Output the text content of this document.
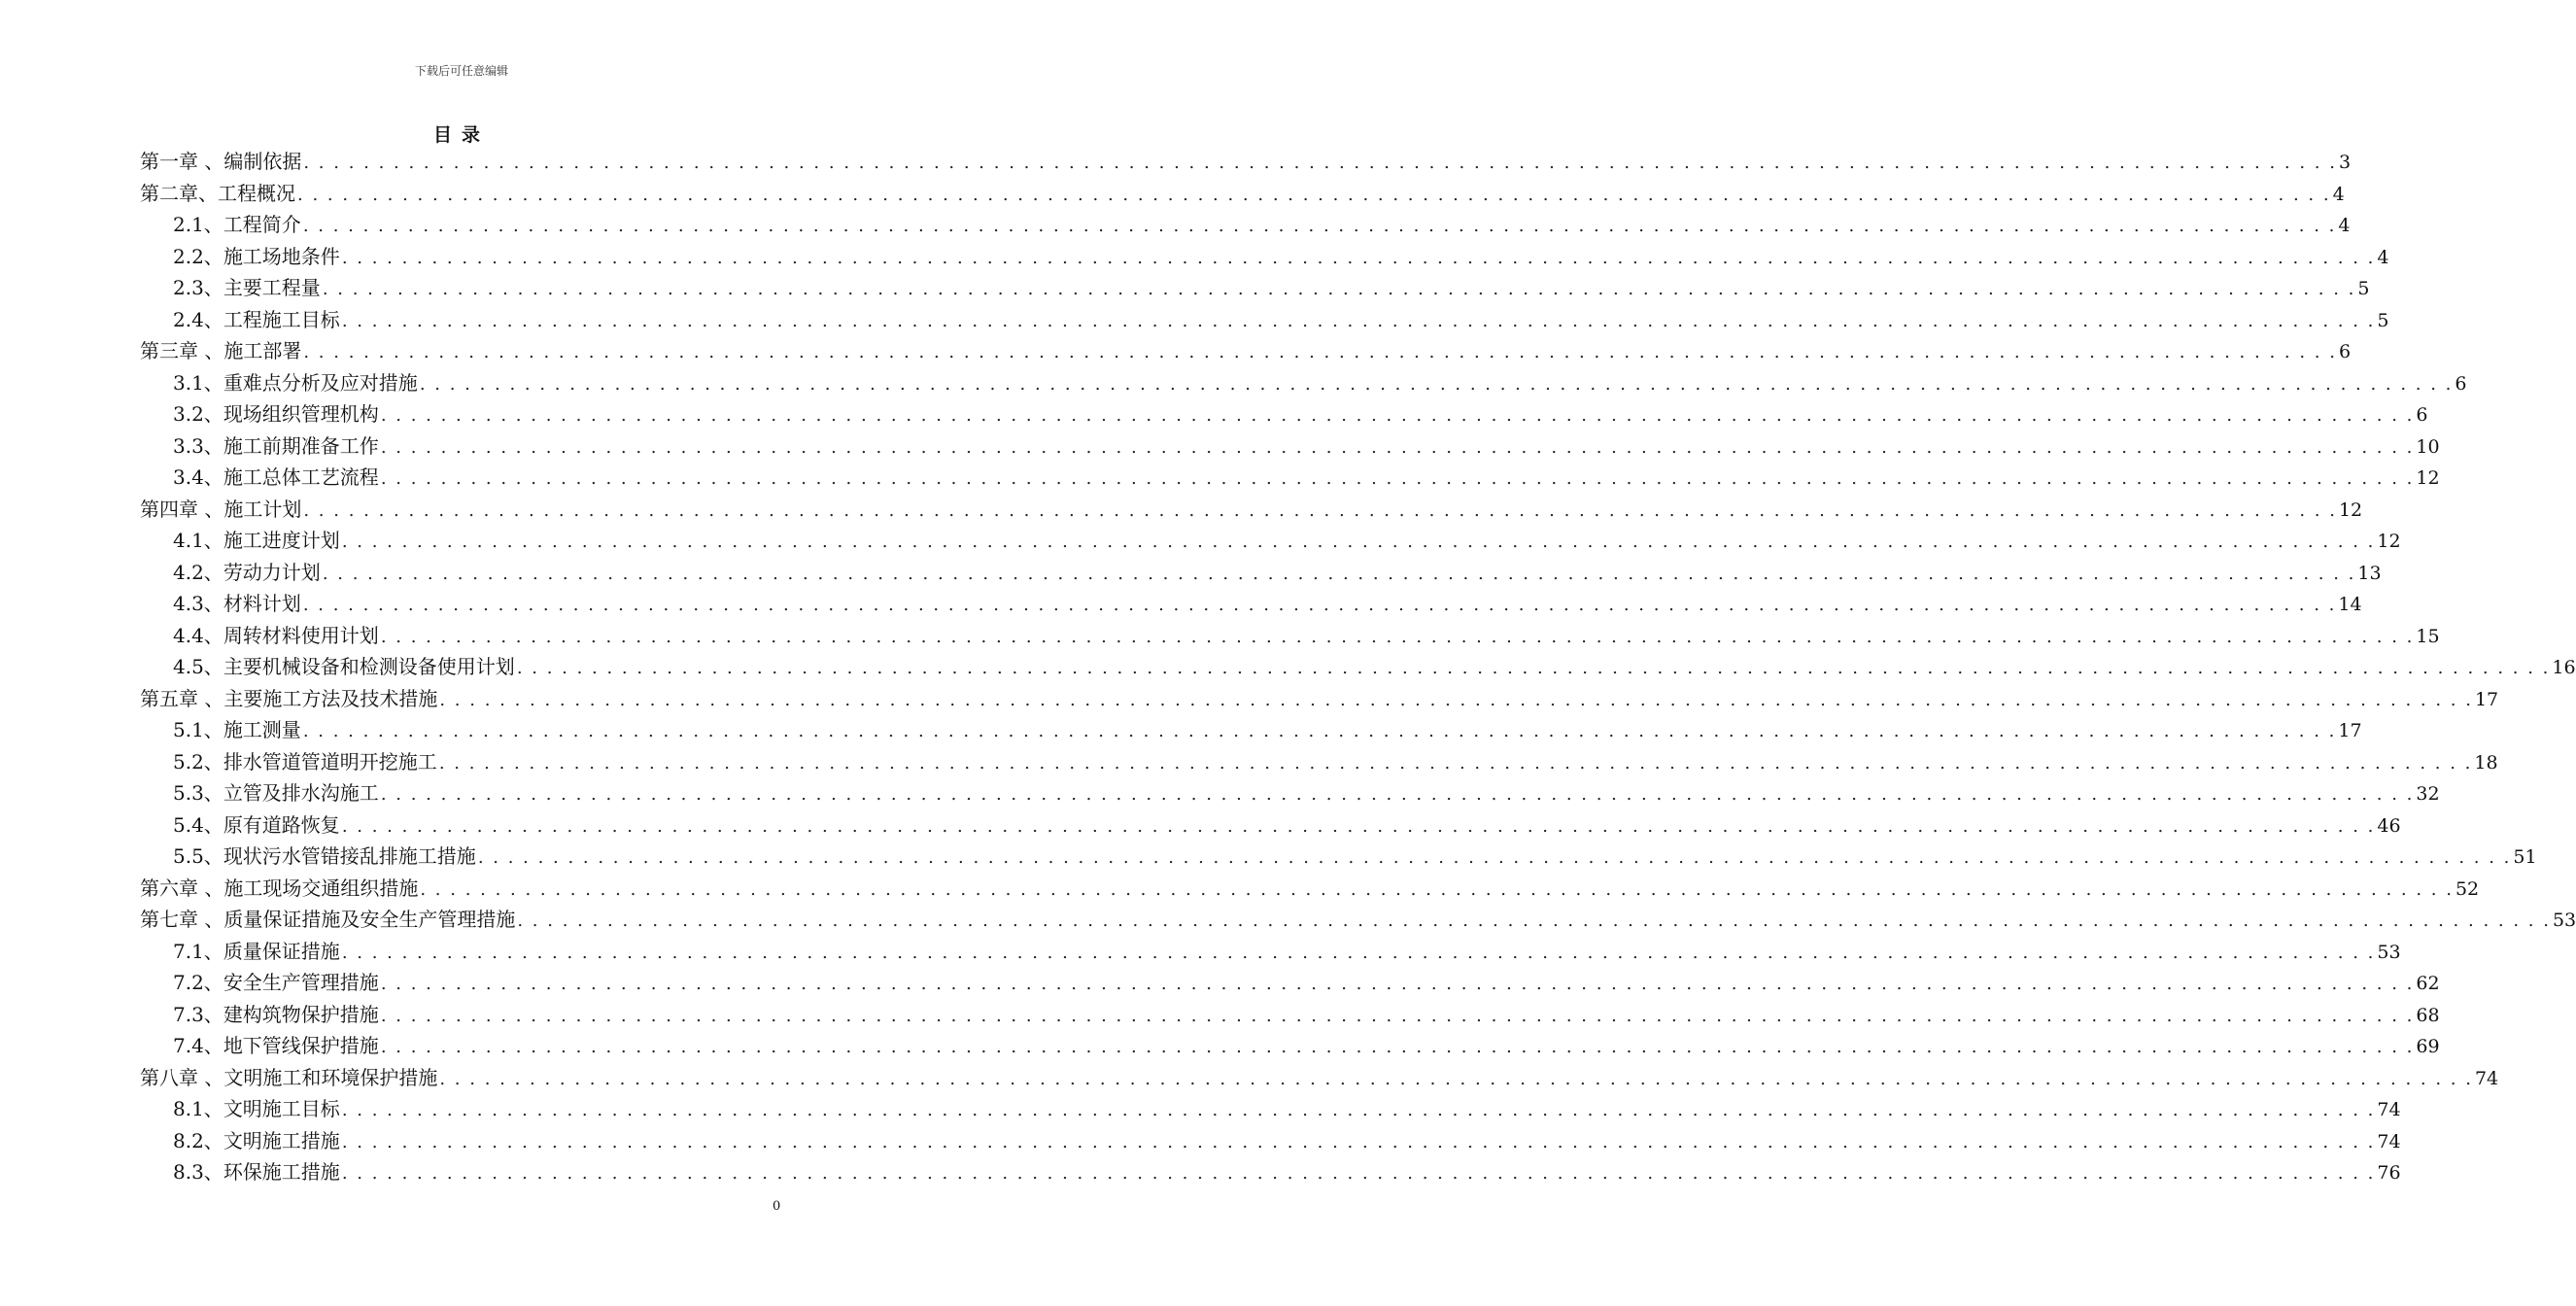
下载后可任意编辑
目录
第一章 、 编制依据 . . .	3
第二章、 工程概况 . . .	4
2.1、 工程简介 . . .	4
2.2、 施工场地条件 . . .	4
2.3、 主要工程量 . . .	5
2.4、 工程施工目标 . . .	5
第三章 、 施工部署 . . .	6
3.1、 重难点分析及应对措施 . . .	6
3.2、 现场组织管理机构 . . .	6
3.3、 施工前期准备工作 . . .	10
3.4、 施工总体工艺流程 . . .	12
第四章 、 施工计划 . . .	12
4.1、 施工进度计划 . . .	12
4.2、 劳动力计划 . . .	13
4.3、 材料计划 . . .	14
4.4、 周转材料使用计划 . . .	15
4.5、 主要机械设备和检测设备使用计划 . . .	16
第五章 、 主要施工方法及技术措施 . . .	17
5.1、 施工测量 . . .	17
5.2、 排水管道管道明开挖施工 . . .	18
5.3、 立管及排水沟施工 . . .	32
5.4、 原有道路恢复 . . .	46
5.5、 现状污水管错接乱排施工措施 . . .	51
第六章 、 施工现场交通组织措施 . . .	52
第七章 、 质量保证措施及安全生产管理措施 . . .	53
7.1、 质量保证措施 . . .	53
7.2、 安全生产管理措施 . . .	62
7.3、 建构筑物保护措施 . . .	68
7.4、 地下管线保护措施 . . .	69
第八章 、 文明施工和环境保护措施 . . .	74
8.1、 文明施工目标 . . .	74
8.2、 文明施工措施 . . .	74
8.3、 环保施工措施 . . .	76
0
